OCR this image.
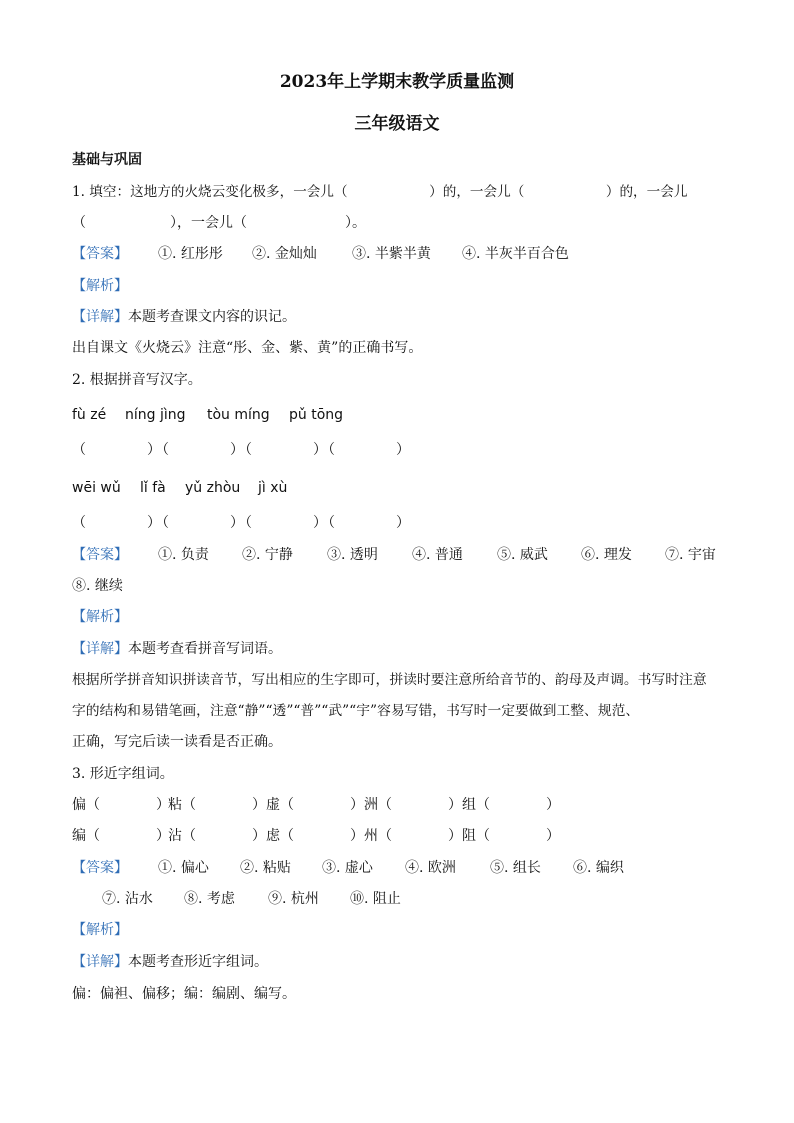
2023年上学期末教学质量监测
三年级语文
基础与巩固
1. 填空：这地方的火烧云变化极多，一会儿（　　　　　　）的，一会儿（　　　　　　）的，一会儿
（　　　　　　），一会儿（　　　　　　　）。
【答案】 ①. 红彤彤 ②. 金灿灿	③. 半紫半黄 ④. 半灰半百合色
【解析】
【详解】本题考查课文内容的识记。
出自课文《火烧云》注意“彤、金、紫、黄”的正确书写。
2. 根据拼音写汉字。
fù zé níng jìng tòu míng pǔ tōng
（　　　　）（　　　　）（　　　　）（　　　　）
wēi wǔ lǐ fà yǔ zhòu jì xù
（　　　　）（　　　　）（　　　　）（　　　　）
【答案】 ①. 负责 ②. 宁静 ③. 透明 ④. 普通 ⑤. 威武 ⑥. 理发 ⑦. 宇宙
⑧. 继续
【解析】
【详解】本题考查看拼音写词语。
根据所学拼音知识拼读音节，写出相应的生字即可，拼读时要注意所给音节的、韵母及声调。书写时注意
字的结构和易错笔画，注意“静”“透”“普”“武”“宇”容易写错，书写时一定要做到工整、规范、
正确，写完后读一读看是否正确。
3. 形近字组词。
偏（　　　　）
粘（　　　　） 虚（　　　　） 洲（　　　　） 组（　　　　）
编（　　　　）
沾（　　　　） 虑（　　　　） 州（　　　　） 阻（　　　　）
【答案】 ①. 偏心 ②. 粘贴 ③. 虚心 ④. 欧洲 ⑤. 组长 ⑥. 编织
⑦. 沾水 ⑧. 考虑 ⑨. 杭州 ⑩. 阻止
【解析】
【详解】本题考查形近字组词。
偏：偏袒、偏移；编：编剧、编写。
